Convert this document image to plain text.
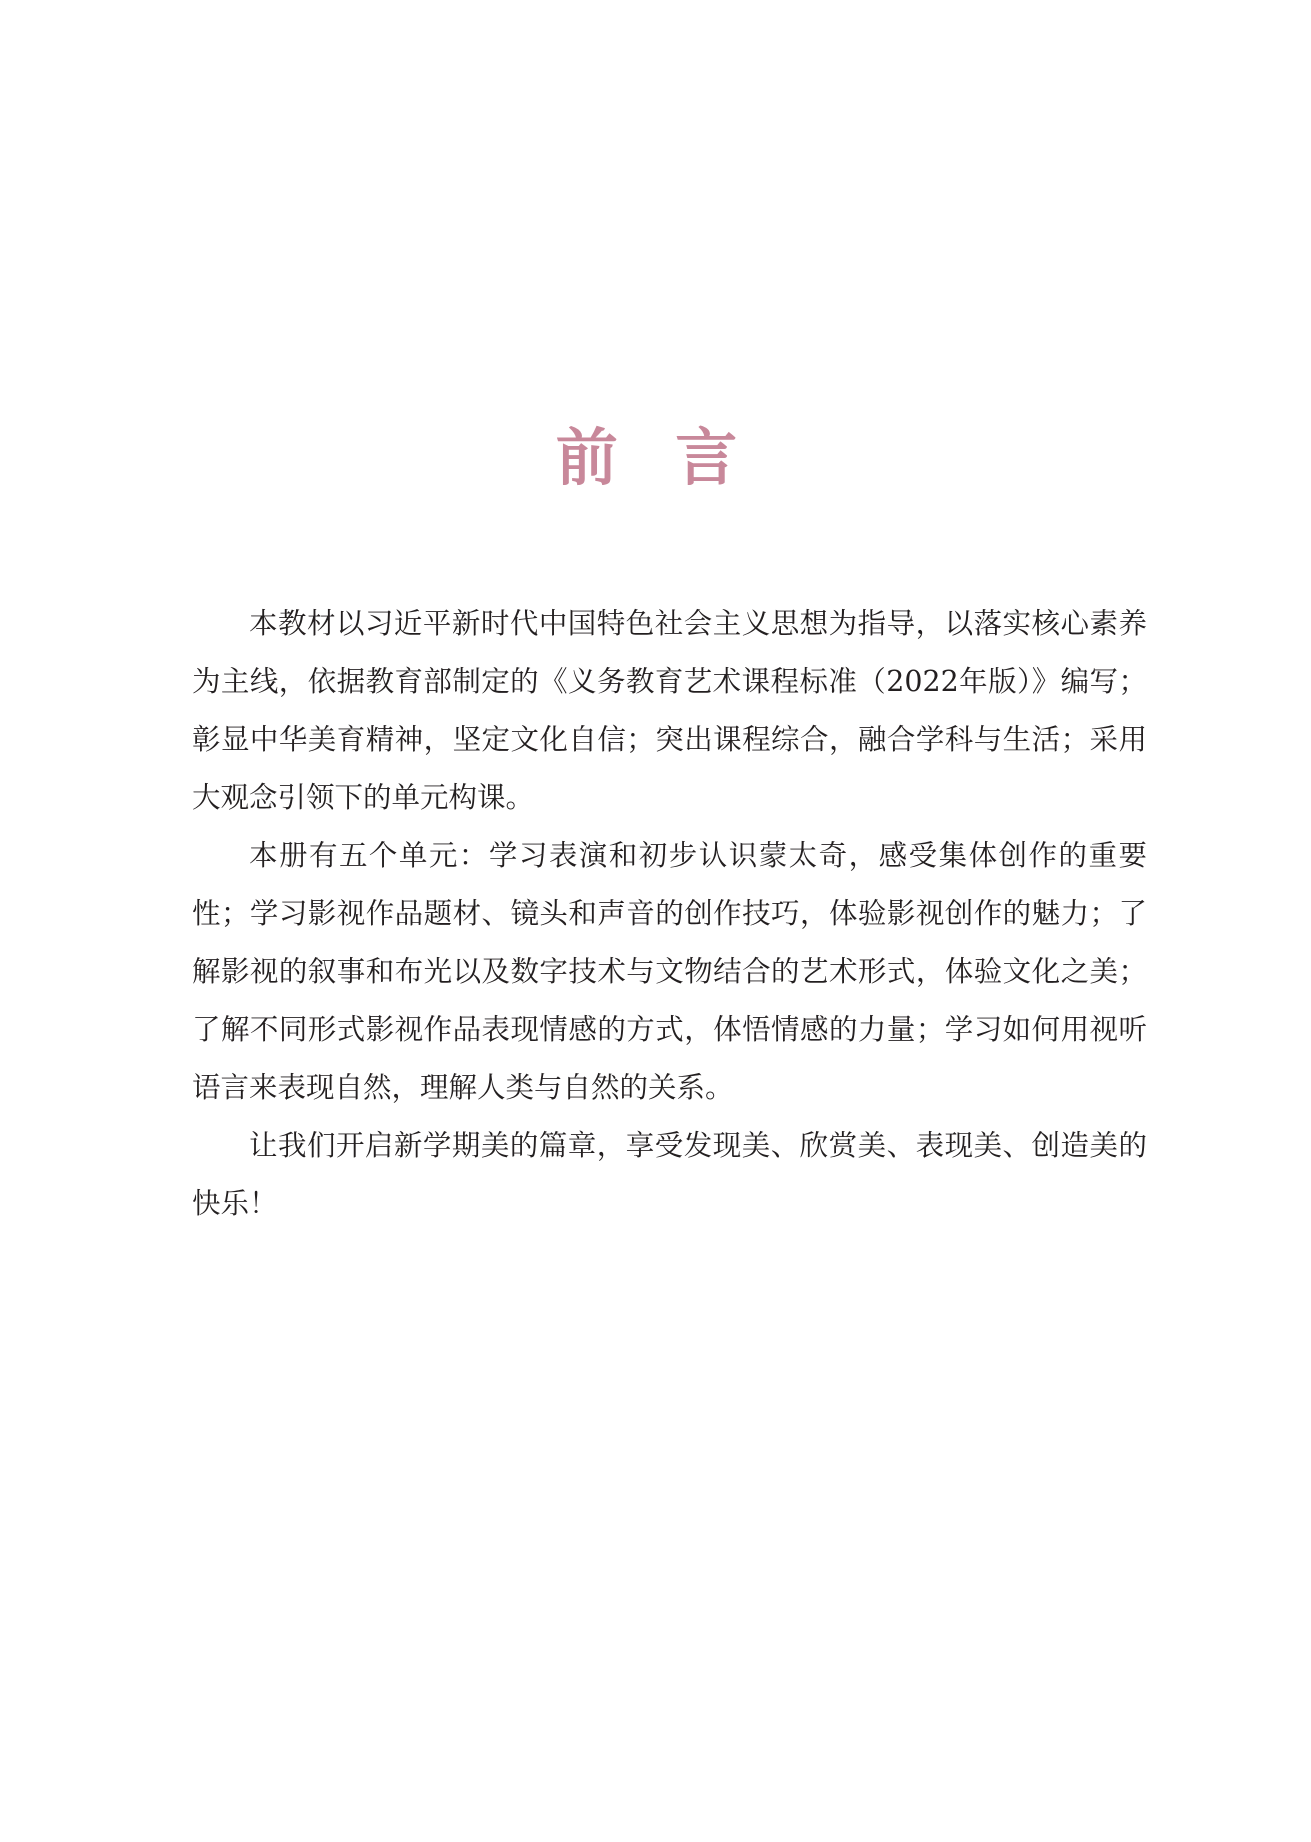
前 言

本教材以习近平新时代中国特色社会主义思想为指导，以落实核心素养为主线，依据教育部制定的《义务教育艺术课程标准（2022年版）》编写；彰显中华美育精神，坚定文化自信；突出课程综合，融合学科与生活；采用大观念引领下的单元构课。

本册有五个单元：学习表演和初步认识蒙太奇，感受集体创作的重要性；学习影视作品题材、镜头和声音的创作技巧，体验影视创作的魅力；了解影视的叙事和布光以及数字技术与文物结合的艺术形式，体验文化之美；了解不同形式影视作品表现情感的方式，体悟情感的力量；学习如何用视听语言来表现自然，理解人类与自然的关系。

让我们开启新学期美的篇章，享受发现美、欣赏美、表现美、创造美的快乐！
